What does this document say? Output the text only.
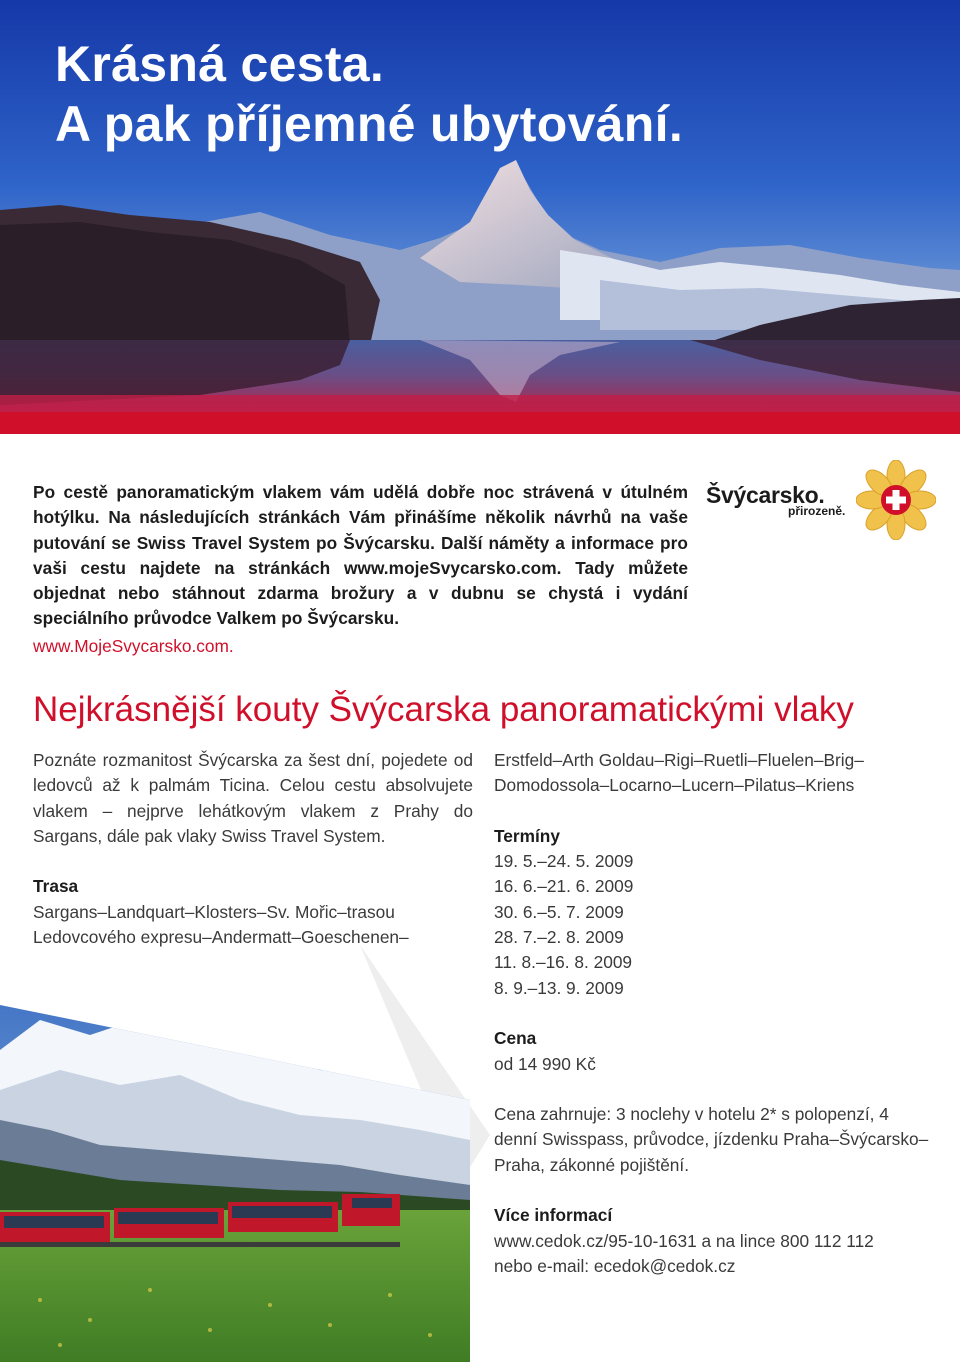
Krásná cesta.
A pak příjemné ubytování.

Po cestě panoramatickým vlakem vám udělá dobře noc strávená v útulném hotýlku. Na následujících stránkách Vám přinášíme několik návrhů na vaše putování se Swiss Travel System po Švýcarsku. Další náměty a informace pro vaši cestu najdete na stránkách www.mojeSvycarsko.com. Tady můžete objednat nebo stáhnout zdarma brožury a v dubnu se chystá i vydání speciálního průvodce Valkem po Švýcarsku.

www.MojeSvycarsko.com.
Švýcarsko.
přirozeně.
Nejkrásnější kouty Švýcarska panoramatickými vlaky

Poznáte rozmanitost Švýcarska za šest dní, pojedete od ledovců až k palmám Ticina. Celou cestu absolvujete vlakem – nejprve lehátkovým vlakem z Prahy do Sargans, dále pak vlaky Swiss Travel System.

Trasa

Sargans–Landquart–Klosters–Sv. Mořic–trasou Ledovcového expresu–Andermatt–Goeschenen–

Erstfeld–Arth Goldau–Rigi–Ruetli–Fluelen–Brig–Domodossola–Locarno–Lucern–Pilatus–Kriens

Termíny

19. 5.–24. 5. 2009

16. 6.–21. 6. 2009

30. 6.–5. 7. 2009

28. 7.–2. 8. 2009

11. 8.–16. 8. 2009

8. 9.–13. 9. 2009

Cena

od 14 990 Kč

Cena zahrnuje: 3 noclehy v hotelu 2* s polopenzí, 4 denní Swisspass, průvodce, jízdenku Praha–Švýcarsko–Praha, zákonné pojištění.

Více informací

www.cedok.cz/95-10-1631 a na lince 800 112 112

nebo e-mail: ecedok@cedok.cz
